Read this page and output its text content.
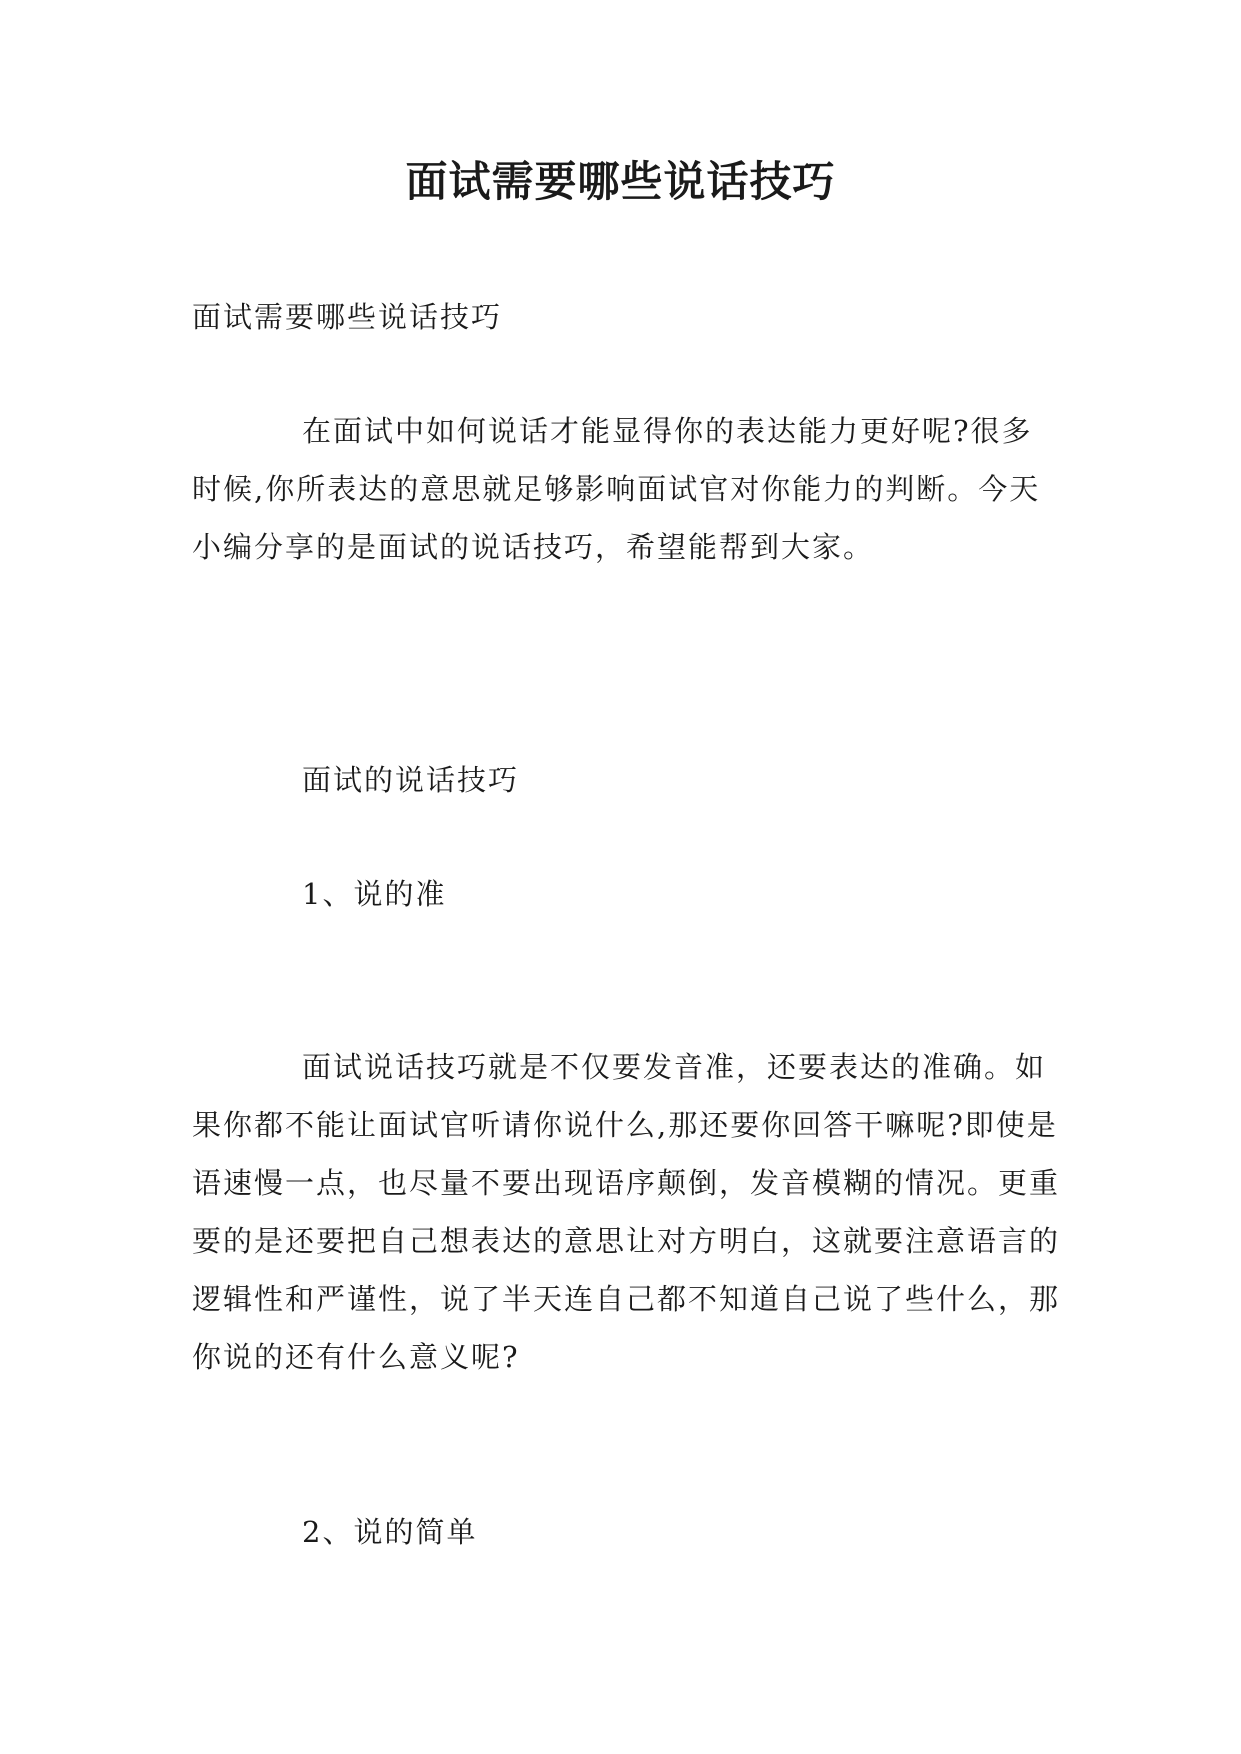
面试需要哪些说话技巧

面试需要哪些说话技巧

在面试中如何说话才能显得你的表达能力更好呢?很多时候,你所表达的意思就足够影响面试官对你能力的判断。今天小编分享的是面试的说话技巧，希望能帮到大家。

面试的说话技巧

1、说的准

面试说话技巧就是不仅要发音准，还要表达的准确。如果你都不能让面试官听请你说什么,那还要你回答干嘛呢?即使是语速慢一点，也尽量不要出现语序颠倒，发音模糊的情况。更重要的是还要把自己想表达的意思让对方明白，这就要注意语言的逻辑性和严谨性，说了半天连自己都不知道自己说了些什么，那你说的还有什么意义呢?

2、说的简单
